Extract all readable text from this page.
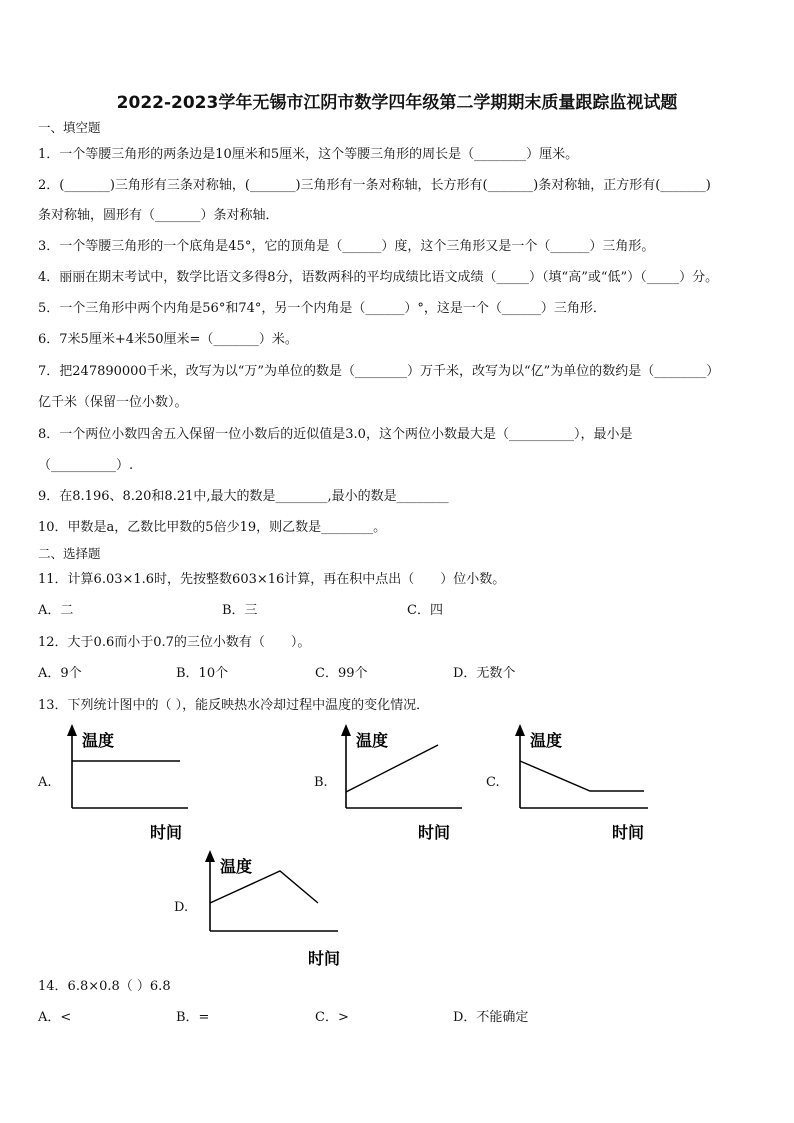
2022-2023学年无锡市江阴市数学四年级第二学期期末质量跟踪监视试题
一、填空题
1．一个等腰三角形的两条边是10厘米和5厘米，这个等腰三角形的周长是（________）厘米。
2．(_______)三角形有三条对称轴，(_______)三角形有一条对称轴，长方形有(_______)条对称轴，正方形有(_______)
条对称轴，圆形有（_______）条对称轴．
3．一个等腰三角形的一个底角是45°，它的顶角是（______）度，这个三角形又是一个（______）三角形。
4．丽丽在期末考试中，数学比语文多得8分，语数两科的平均成绩比语文成绩（_____）（填“高”或“低”）（_____）分。
5．一个三角形中两个内角是56°和74°，另一个内角是（______）°，这是一个（______）三角形．
6．7米5厘米+4米50厘米=（_______）米。
7．把247890000千米，改写为以“万”为单位的数是（________）万千米，改写为以“亿”为单位的数约是（________）
亿千米（保留一位小数）。
8．一个两位小数四舍五入保留一位小数后的近似值是3.0，这个两位小数最大是（__________），最小是
（__________）.
9．在8.196、8.20和8.21中,最大的数是________,最小的数是________
10．甲数是a，乙数比甲数的5倍少19，则乙数是________。
二、选择题
11．计算6.03×1.6时，先按整数603×16计算，再在积中点出（　　）位小数。
A．二	B．三	C．四
12．大于0.6而小于0.7的三位小数有（　　）。
A．9个	B．10个	C．99个	D．无数个
13．下列统计图中的（ ），能反映热水冷却过程中温度的变化情况．
A.
温度
时间
B.
温度
时间
C.
温度
时间
D.
温度
时间
14．6.8×0.8（ ）6.8
A．<	B．=	C．>	D．不能确定
